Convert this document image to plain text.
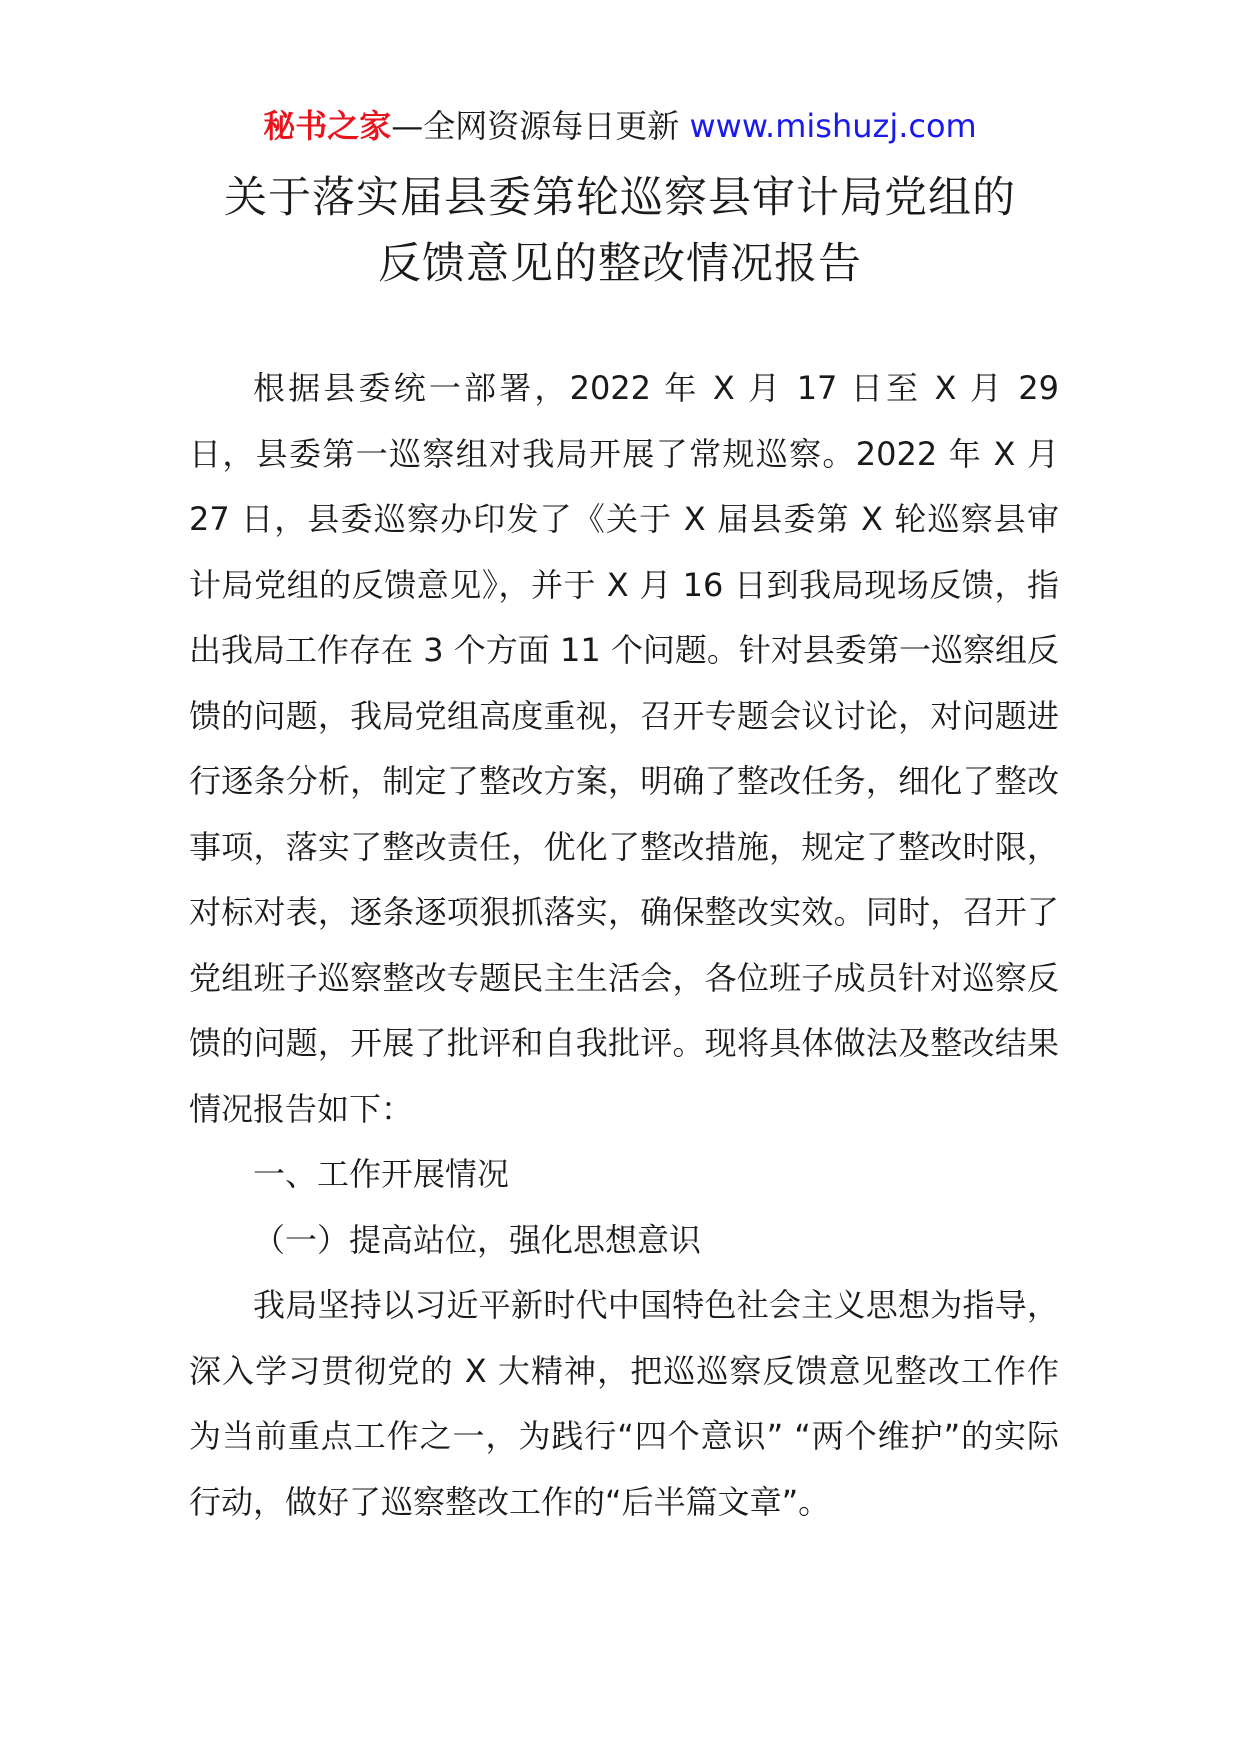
秘书之家—全网资源每日更新 www.mishuzj.com
关于落实届县委第轮巡察县审计局党组的
反馈意见的整改情况报告

根据县委统一部署，2022 年 X 月 17 日至 X 月 29 日，县委第一巡察组对我局开展了常规巡察。2022 年 X 月 27 日，县委巡察办印发了《关于 X 届县委第 X 轮巡察县审计局党组的反馈意见》，并于 X 月 16 日到我局现场反馈，指出我局工作存在 3 个方面 11 个问题。针对县委第一巡察组反馈的问题，我局党组高度重视，召开专题会议讨论，对问题进行逐条分析，制定了整改方案，明确了整改任务，细化了整改事项，落实了整改责任，优化了整改措施，规定了整改时限，对标对表，逐条逐项狠抓落实，确保整改实效。同时，召开了党组班子巡察整改专题民主生活会，各位班子成员针对巡察反馈的问题，开展了批评和自我批评。现将具体做法及整改结果情况报告如下：

一、工作开展情况

（一）提高站位，强化思想意识

我局坚持以习近平新时代中国特色社会主义思想为指导，深入学习贯彻党的 X 大精神，把巡巡察反馈意见整改工作作为当前重点工作之一，为践行“四个意识” “两个维护”的实际行动，做好了巡察整改工作的“后半篇文章”。
